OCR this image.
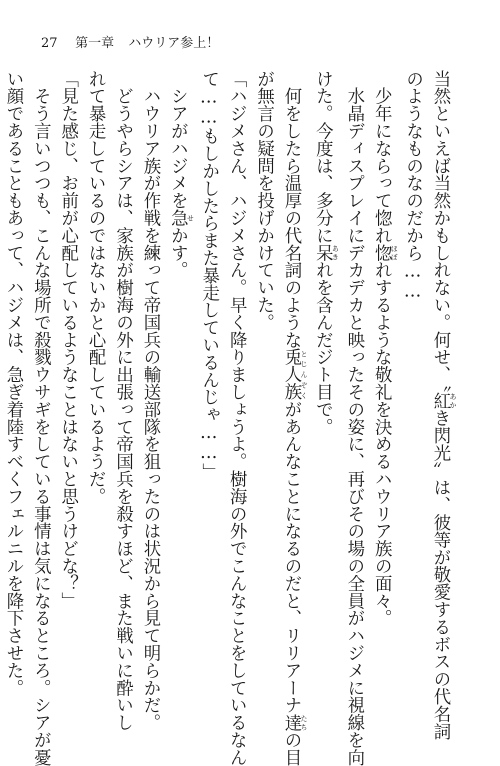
27 第一章 ハウリア参上！
当然といえば当然かもしれない。何せ、〝紅 あかき閃光〟は、彼等が敬愛するボスの代名詞
のようなものなのだから……
　少年にならって惚れ惚 ほぼれするような敬礼を決めるハウリア族の面々。
　水晶ディスプレイにデカデカと映ったその姿に、再びその場の全員がハジメに視線を向
けた。今度は、多分に呆 あきれを含んだジト目で。
　何をしたら温厚の代名詞のような兎人族 とじんぞくがあんなことになるのだと、リリアーナ達 たちの目
が無言の疑問を投げかけていた。
「ハジメさん、ハジメさん。早く降りましょうよ。樹海の外でこんなことをしているなん
て……もしかしたらまた暴走しているんじゃ……」
　シアがハジメを急 せかす。
　ハウリア族が作戦を練って帝国兵の輸送部隊を狙ったのは状況から見て明らかだ。
　どうやらシアは、家族が樹海の外に出張って帝国兵を殺すほど、また戦いに酔いし
れて暴走しているのではないかと心配しているようだ。
「見た感じ、お前が心配しているようなことはないと思うけどな？」
　そう言いつつも、こんな場所で殺戮ウサギをしている事情は気になるところ。シアが憂
い顔であることもあって、ハジメは、急ぎ着陸すべくフェルニルを降下させた。
